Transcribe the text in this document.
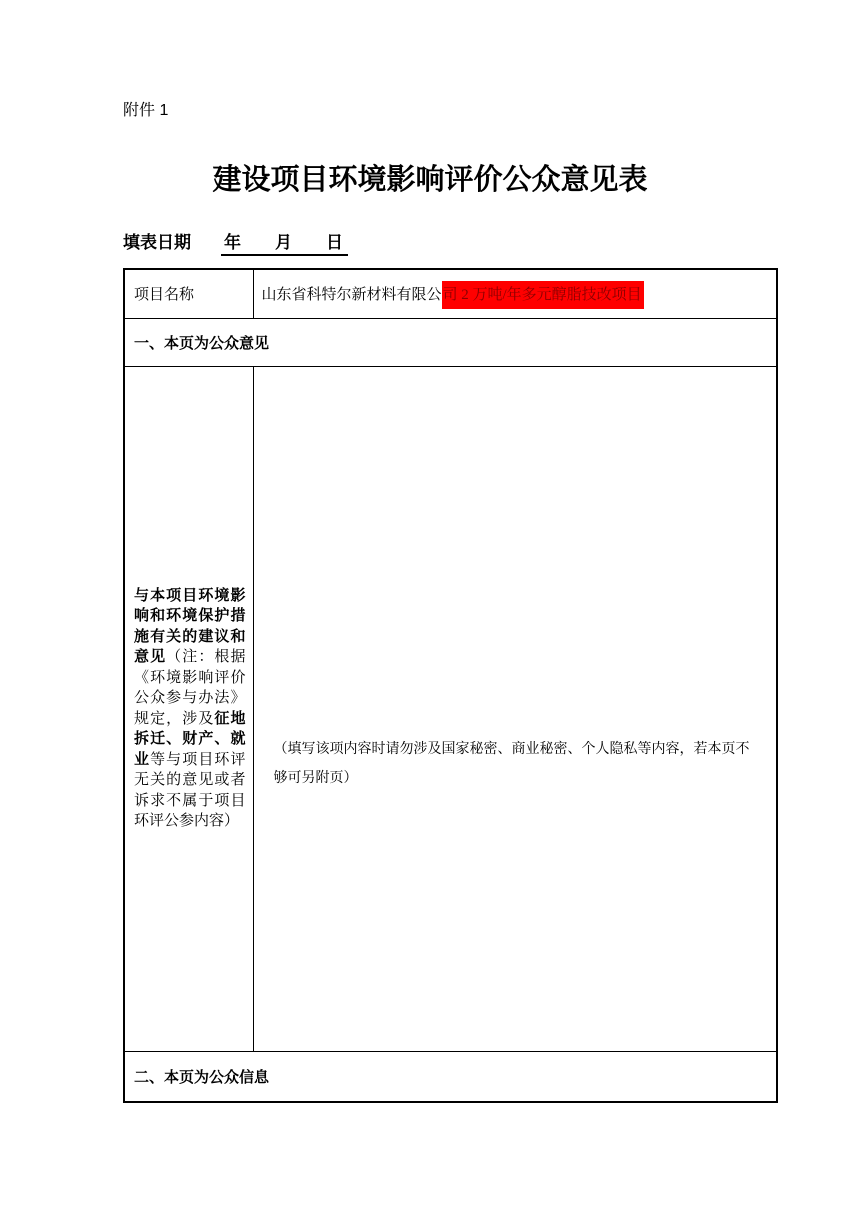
附件 1
建设项目环境影响评价公众意见表
填表日期 年　　月　　日
项目名称	山东省科特尔新材料有限公司 2 万吨/年多元醇脂技改项目
一、本页为公众意见	
与本项目环境影响和环境保护措施有关的建议和意见（注：根据《环境影响评价公众参与办法》规定，涉及征地拆迁、财产、就业等与项目环评无关的意见或者诉求不属于项目环评公参内容）	（填写该项内容时请勿涉及国家秘密、商业秘密、个人隐私等内容，若本页不够可另附页）
二、本页为公众信息	
